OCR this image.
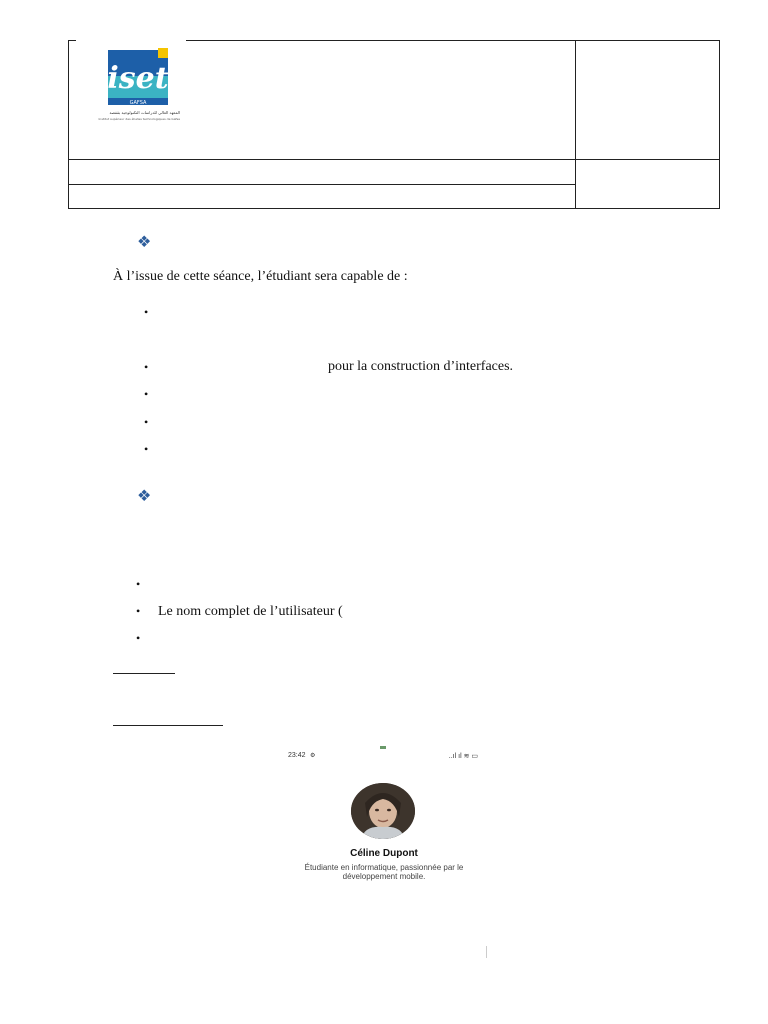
iset
GAFSA
المعهد العالي للدراسات التكنولوجية بقفصة
Institut supérieur des études technologiques de Gafsa
❖
À l’issue de cette séance, l’étudiant sera capable de :
•
•	pour la construction d’interfaces.
•
•
•
❖
•
• Le nom complet de l’utilisateur (
•
23:42 ⚙	..ıl ıl ≋ ▭
Céline Dupont
Étudiante en informatique, passionnée par le
développement mobile.
